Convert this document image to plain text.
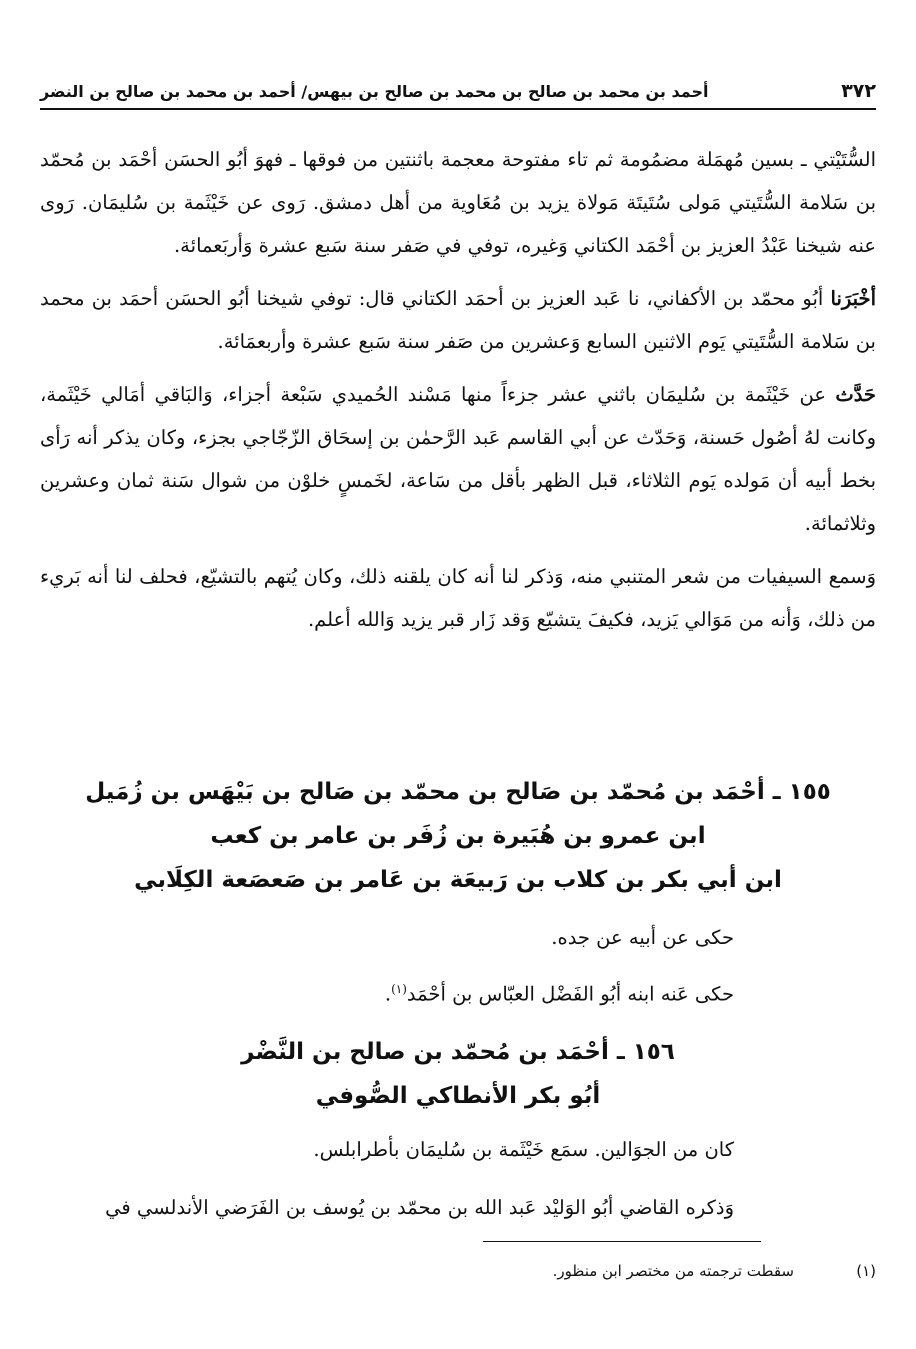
٣٧٢
أحمد بن محمد بن صالح بن محمد بن صالح بن بيهس/ أحمد بن محمد بن صالح بن النضر

السُّتَيْتي ـ بسين مُهمَلة مضمُومة ثم تاء مفتوحة معجمة باثنتين من فوقها ـ فهوَ أبُو الحسَن أحْمَد بن مُحمّد بن سَلامة السُّتَيتي مَولى سُتَيتَة مَولاة يزيد بن مُعَاوية من أهل دمشق. رَوى عن خَيْثَمة بن سُليمَان. رَوى عنه شيخنا عَبْدُ العزيز بن أحْمَد الكتاني وَغيره، توفي في صَفر سنة سَبع عشرة وَأربَعمائة.

أخْبَرَنا أبُو محمّد بن الأكفاني، نا عَبد العزيز بن أحمَد الكتاني قال: توفي شيخنا أبُو الحسَن أحمَد بن محمد بن سَلامة السُّتَيتي يَوم الاثنين السابع وَعشرين من صَفر سنة سَبع عشرة وأربعمَائة.

حَدَّث عن خَيْثَمة بن سُليمَان باثني عشر جزءاً منها مَسْند الحُميدي سَبْعة أجزاء، وَالبَاقي أمَالي خَيْثَمة، وكانت لهُ أصُول حَسنة، وَحَدّث عن أبي القاسم عَبد الرَّحمٰن بن إسحَاق الزّجّاجي بجزء، وكان يذكر أنه رَأى بخط أبيه أن مَولده يَوم الثلاثاء، قبل الظهر بأقل من سَاعة، لخَمسٍ خلوْن من شوال سَنة ثمان وعشرين وثلاثمائة.

وَسمع السيفيات من شعر المتنبي منه، وَذكر لنا أنه كان يلقنه ذلك، وكان يُتهم بالتشيّع، فحلف لنا أنه بَريء من ذلك، وَأنه من مَوَالي يَزيد، فكيفَ يتشيّع وَقد زَار قبر يزيد وَالله أعلم.

١٥٥ ـ أحْمَد بن مُحمّد بن صَالح بن محمّد بن صَالح بن بَيْهَس بن زُمَيل

ابن عمرو بن هُبَيرة بن زُفَر بن عامر بن كعب

ابن أبي بكر بن كلاب بن رَبيعَة بن عَامر بن صَعصَعة الكِلَابي

حكى عن أبيه عن جده.
حكى عَنه ابنه أبُو الفَضْل العبّاس بن أحْمَد$^{(١)}$.

١٥٦ ـ أحْمَد بن مُحمّد بن صالح بن النَّضْر

أبُو بكر الأنطاكي الصُّوفي

كان من الجوَالين. سمَع خَيْثَمة بن سُليمَان بأطرابلس.
وَذكره القاضي أبُو الوَليْد عَبد الله بن محمّد بن يُوسف بن الفَرَضي الأندلسي في
(١)
سقطت ترجمته من مختصر ابن منظور.
